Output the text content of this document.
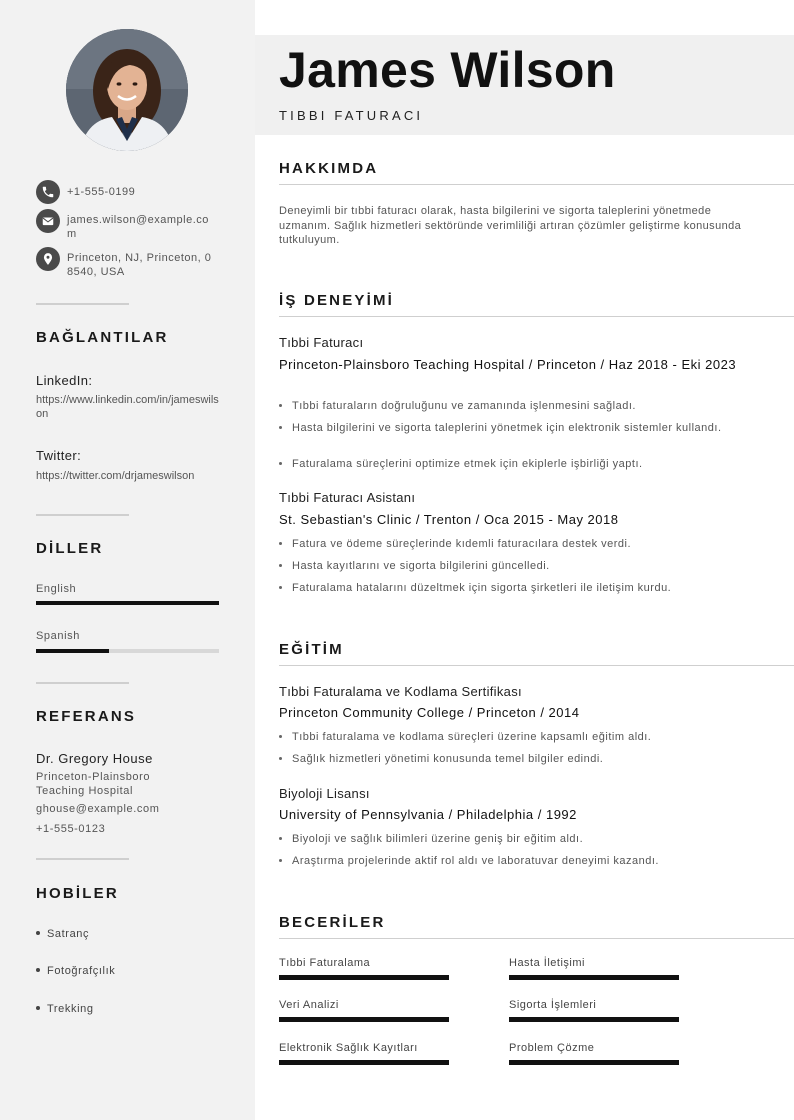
+1-555-0199
james.wilson@example.com
Princeton, NJ, Princeton, 08540, USA
BAĞLANTILAR
LinkedIn:
https://www.linkedin.com/in/jameswilson
Twitter:
https://twitter.com/drjameswilson
DİLLER
English
Spanish
REFERANS
Dr. Gregory House
Princeton-Plainsboro Teaching Hospital
ghouse@example.com
+1-555-0123
HOBİLER
Satranç
Fotoğrafçılık
Trekking
James Wilson
TIBBI FATURACI
HAKKIMDA
Deneyimli bir tıbbi faturacı olarak, hasta bilgilerini ve sigorta taleplerini yönetmede uzmanım. Sağlık hizmetleri sektöründe verimliliği artıran çözümler geliştirme konusunda tutkuluyum.
İŞ DENEYİMİ
Tıbbi Faturacı
Princeton-Plainsboro Teaching Hospital / Princeton / Haz 2018 - Eki 2023
Tıbbi faturaların doğruluğunu ve zamanında işlenmesini sağladı.
Hasta bilgilerini ve sigorta taleplerini yönetmek için elektronik sistemler kullandı.
Faturalama süreçlerini optimize etmek için ekiplerle işbirliği yaptı.
Tıbbi Faturacı Asistanı
St. Sebastian's Clinic / Trenton / Oca 2015 - May 2018
Fatura ve ödeme süreçlerinde kıdemli faturacılara destek verdi.
Hasta kayıtlarını ve sigorta bilgilerini güncelledi.
Faturalama hatalarını düzeltmek için sigorta şirketleri ile iletişim kurdu.
EĞİTİM
Tıbbi Faturalama ve Kodlama Sertifikası
Princeton Community College / Princeton / 2014
Tıbbi faturalama ve kodlama süreçleri üzerine kapsamlı eğitim aldı.
Sağlık hizmetleri yönetimi konusunda temel bilgiler edindi.
Biyoloji Lisansı
University of Pennsylvania / Philadelphia / 1992
Biyoloji ve sağlık bilimleri üzerine geniş bir eğitim aldı.
Araştırma projelerinde aktif rol aldı ve laboratuvar deneyimi kazandı.
BECERİLER
Tıbbi Faturalama	Hasta İletişimi
Veri Analizi	Sigorta İşlemleri
Elektronik Sağlık Kayıtları	Problem Çözme
